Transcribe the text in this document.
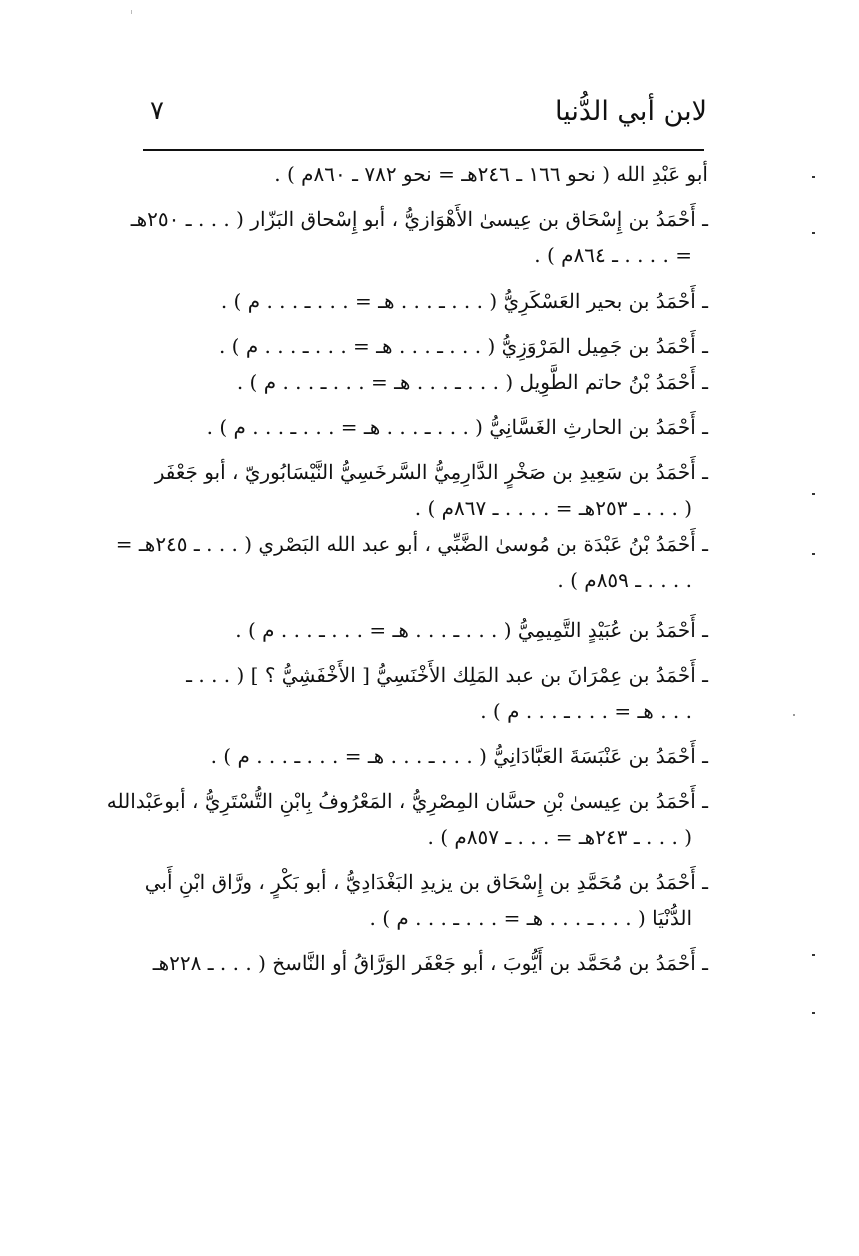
لابن أبي الدُّنيا
٧
أبو عَبْدِ الله ( نحو ١٦٦ ـ ٢٤٦هـ = نحو ٧٨٢ ـ ٨٦٠م ) .
ـ أَحْمَدُ بن إِسْحَاق بن عِيسىٰ الأَهْوَازيُّ ، أبو إِسْحاق البَزّار ( . . . ـ ٢٥٠هـ
= . . . . ـ ٨٦٤م ) .
ـ أَحْمَدُ بن بحير العَسْكَرِيُّ ( . . . ـ . . . هـ = . . . ـ . . . م ) .
ـ أَحْمَدُ بن جَمِيل المَرْوَزِيُّ ( . . . ـ . . . هـ = . . . ـ . . . م ) .
ـ أَحْمَدُ بْنُ حاتم الطَّوِيل ( . . . ـ . . . هـ = . . . ـ . . . م ) .
ـ أَحْمَدُ بن الحارثِ الغَسَّانِيُّ ( . . . ـ . . . هـ = . . . ـ . . . م ) .
ـ أَحْمَدُ بن سَعِيدِ بن صَخْرٍ الدَّارِمِيُّ السَّرخَسِيُّ النَّيْسَابُوريّ ، أبو جَعْفَر
( . . . ـ ٢٥٣هـ = . . . . ـ ٨٦٧م ) .
ـ أَحْمَدُ بْنُ عَبْدَة بن مُوسىٰ الضَّبِّي ، أبو عبد الله البَصْري ( . . . ـ ٢٤٥هـ =
. . . . ـ ٨٥٩م ) .
ـ أَحْمَدُ بن عُبَيْدٍ التَّمِيمِيُّ ( . . . ـ . . . هـ = . . . ـ . . . م ) .
ـ أَحْمَدُ بن عِمْرَانَ بن عبد المَلِك الأَخْنَسِيُّ [ الأَخْفَشِيُّ ؟ ] ( . . . ـ
. . . هـ = . . . ـ . . . م ) .
ـ أَحْمَدُ بن عَنْبَسَةَ العَبَّادَانِيُّ ( . . . ـ . . . هـ = . . . ـ . . . م ) .
ـ أَحْمَدُ بن عِيسىٰ بْنِ حسَّان المِصْرِيُّ ، المَعْرُوفُ بِابْنِ التُّسْتَرِيُّ ، أبوعَبْدالله
( . . . ـ ٢٤٣هـ = . . . ـ ٨٥٧م ) .
ـ أَحْمَدُ بن مُحَمَّدِ بن إِسْحَاق بن يزيدِ البَغْدَادِيُّ ، أبو بَكْرٍ ، ورَّاق ابْنِ أَبي
الدُّنْيَا ( . . . ـ . . . هـ = . . . ـ . . . م ) .
ـ أَحْمَدُ بن مُحَمَّد بن أَيُّوبَ ، أبو جَعْفَر الوَرَّاقُ أو النَّاسخ ( . . . ـ ٢٢٨هـ
